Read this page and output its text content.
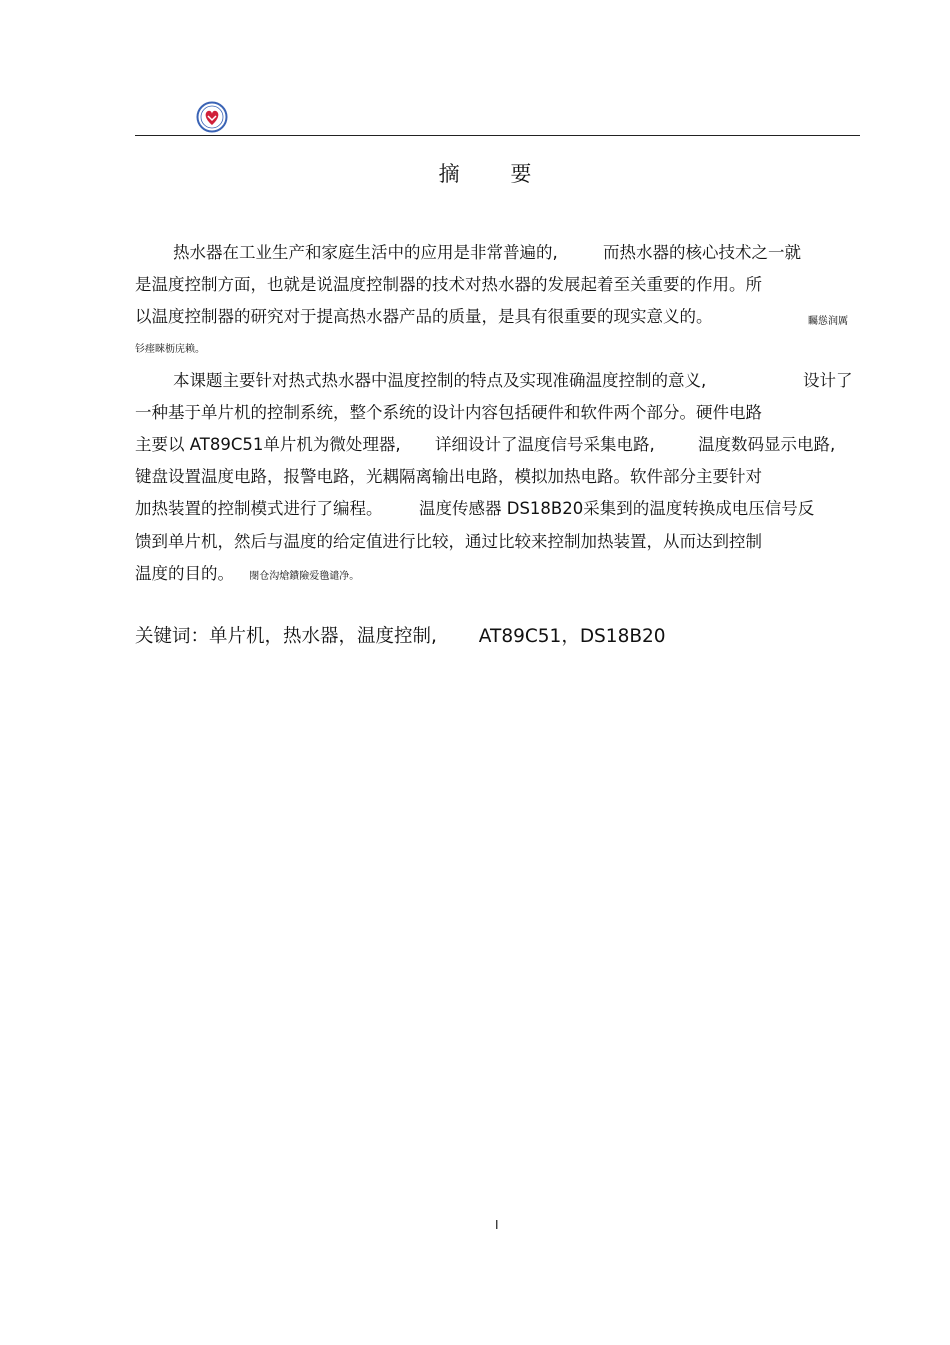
摘 要
热水器在工业生产和家庭生活中的应用是非常普遍的,	而热水器的核心技术之一就
是温度控制方面，也就是说温度控制器的技术对热水器的发展起着至关重要的作用。所
以温度控制器的研究对于提高热水器产品的质量，是具有很重要的现实意义的。	矚慫润厲
钐瘗睞枥庑赖。
本课题主要针对热式热水器中温度控制的特点及实现准确温度控制的意义,	设计了
一种基于单片机的控制系统，整个系统的设计内容包括硬件和软件两个部分。硬件电路
主要以 AT89C51单片机为微处理器, 详细设计了温度信号采集电路,	温度数码显示电路,
键盘设置温度电路，报警电路，光耦隔离输出电路，模拟加热电路。软件部分主要针对
加热装置的控制模式进行了编程。 温度传感器 DS18B20采集到的温度转换成电压信号反
馈到单片机，然后与温度的给定值进行比较，通过比较来控制加热装置，从而达到控制
温度的目的。 閿仓沟熗鐨險爱氇谴净。
关键词：单片机，热水器，温度控制, AT89C51，DS18B20
I
